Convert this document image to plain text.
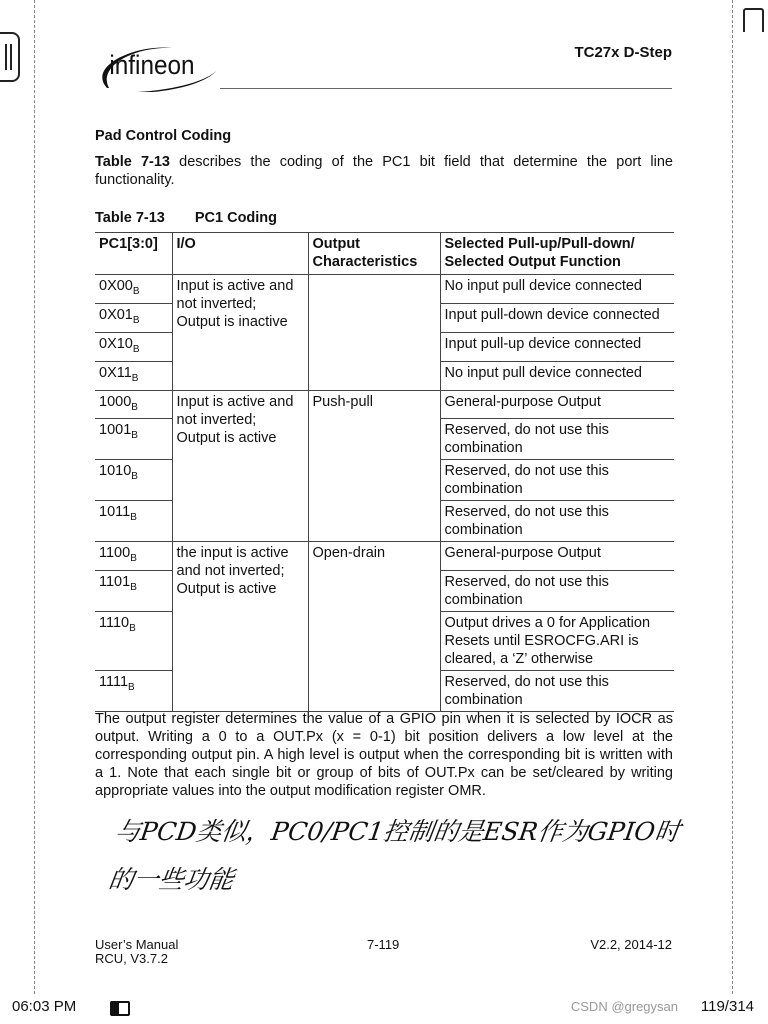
infineon	TC27x D-Step
Pad Control Coding
Table 7-13 describes the coding of the PC1 bit field that determine the port line functionality.
Table 7-13 PC1 Coding
PC1[3:0]	I/O	Output Characteristics	Selected Pull-up/Pull-down/ Selected Output Function
$0X00_B$	Input is active and not inverted; Output is inactive		No input pull device connected
$0X01_B$			Input pull-down device connected
$0X10_B$			Input pull-up device connected
$0X11_B$			No input pull device connected
$1000_B$	Input is active and not inverted; Output is active	Push-pull	General-purpose Output
$1001_B$			Reserved, do not use this combination
$1010_B$			Reserved, do not use this combination
$1011_B$			Reserved, do not use this combination
$1100_B$	the input is active and not inverted; Output is active	Open-drain	General-purpose Output
$1101_B$			Reserved, do not use this combination
$1110_B$			Output drives a 0 for Application Resets until ESROCFG.ARI is cleared, a ‘Z’ otherwise
$1111_B$			Reserved, do not use this combination
The output register determines the value of a GPIO pin when it is selected by IOCR as output. Writing a 0 to a OUT.Px (x = 0-1) bit position delivers a low level at the corresponding output pin. A high level is output when the corresponding bit is written with a 1. Note that each single bit or group of bits of OUT.Px can be set/cleared by writing appropriate values into the output modification register OMR.
与PCD类似，PC0/PC1控制的是ESR作为GPIO时的一些功能
User’s Manual
RCU, V3.7.2
7-119	V2.2, 2014-12
06:03 PM	CSDN @gregysan 119/314
